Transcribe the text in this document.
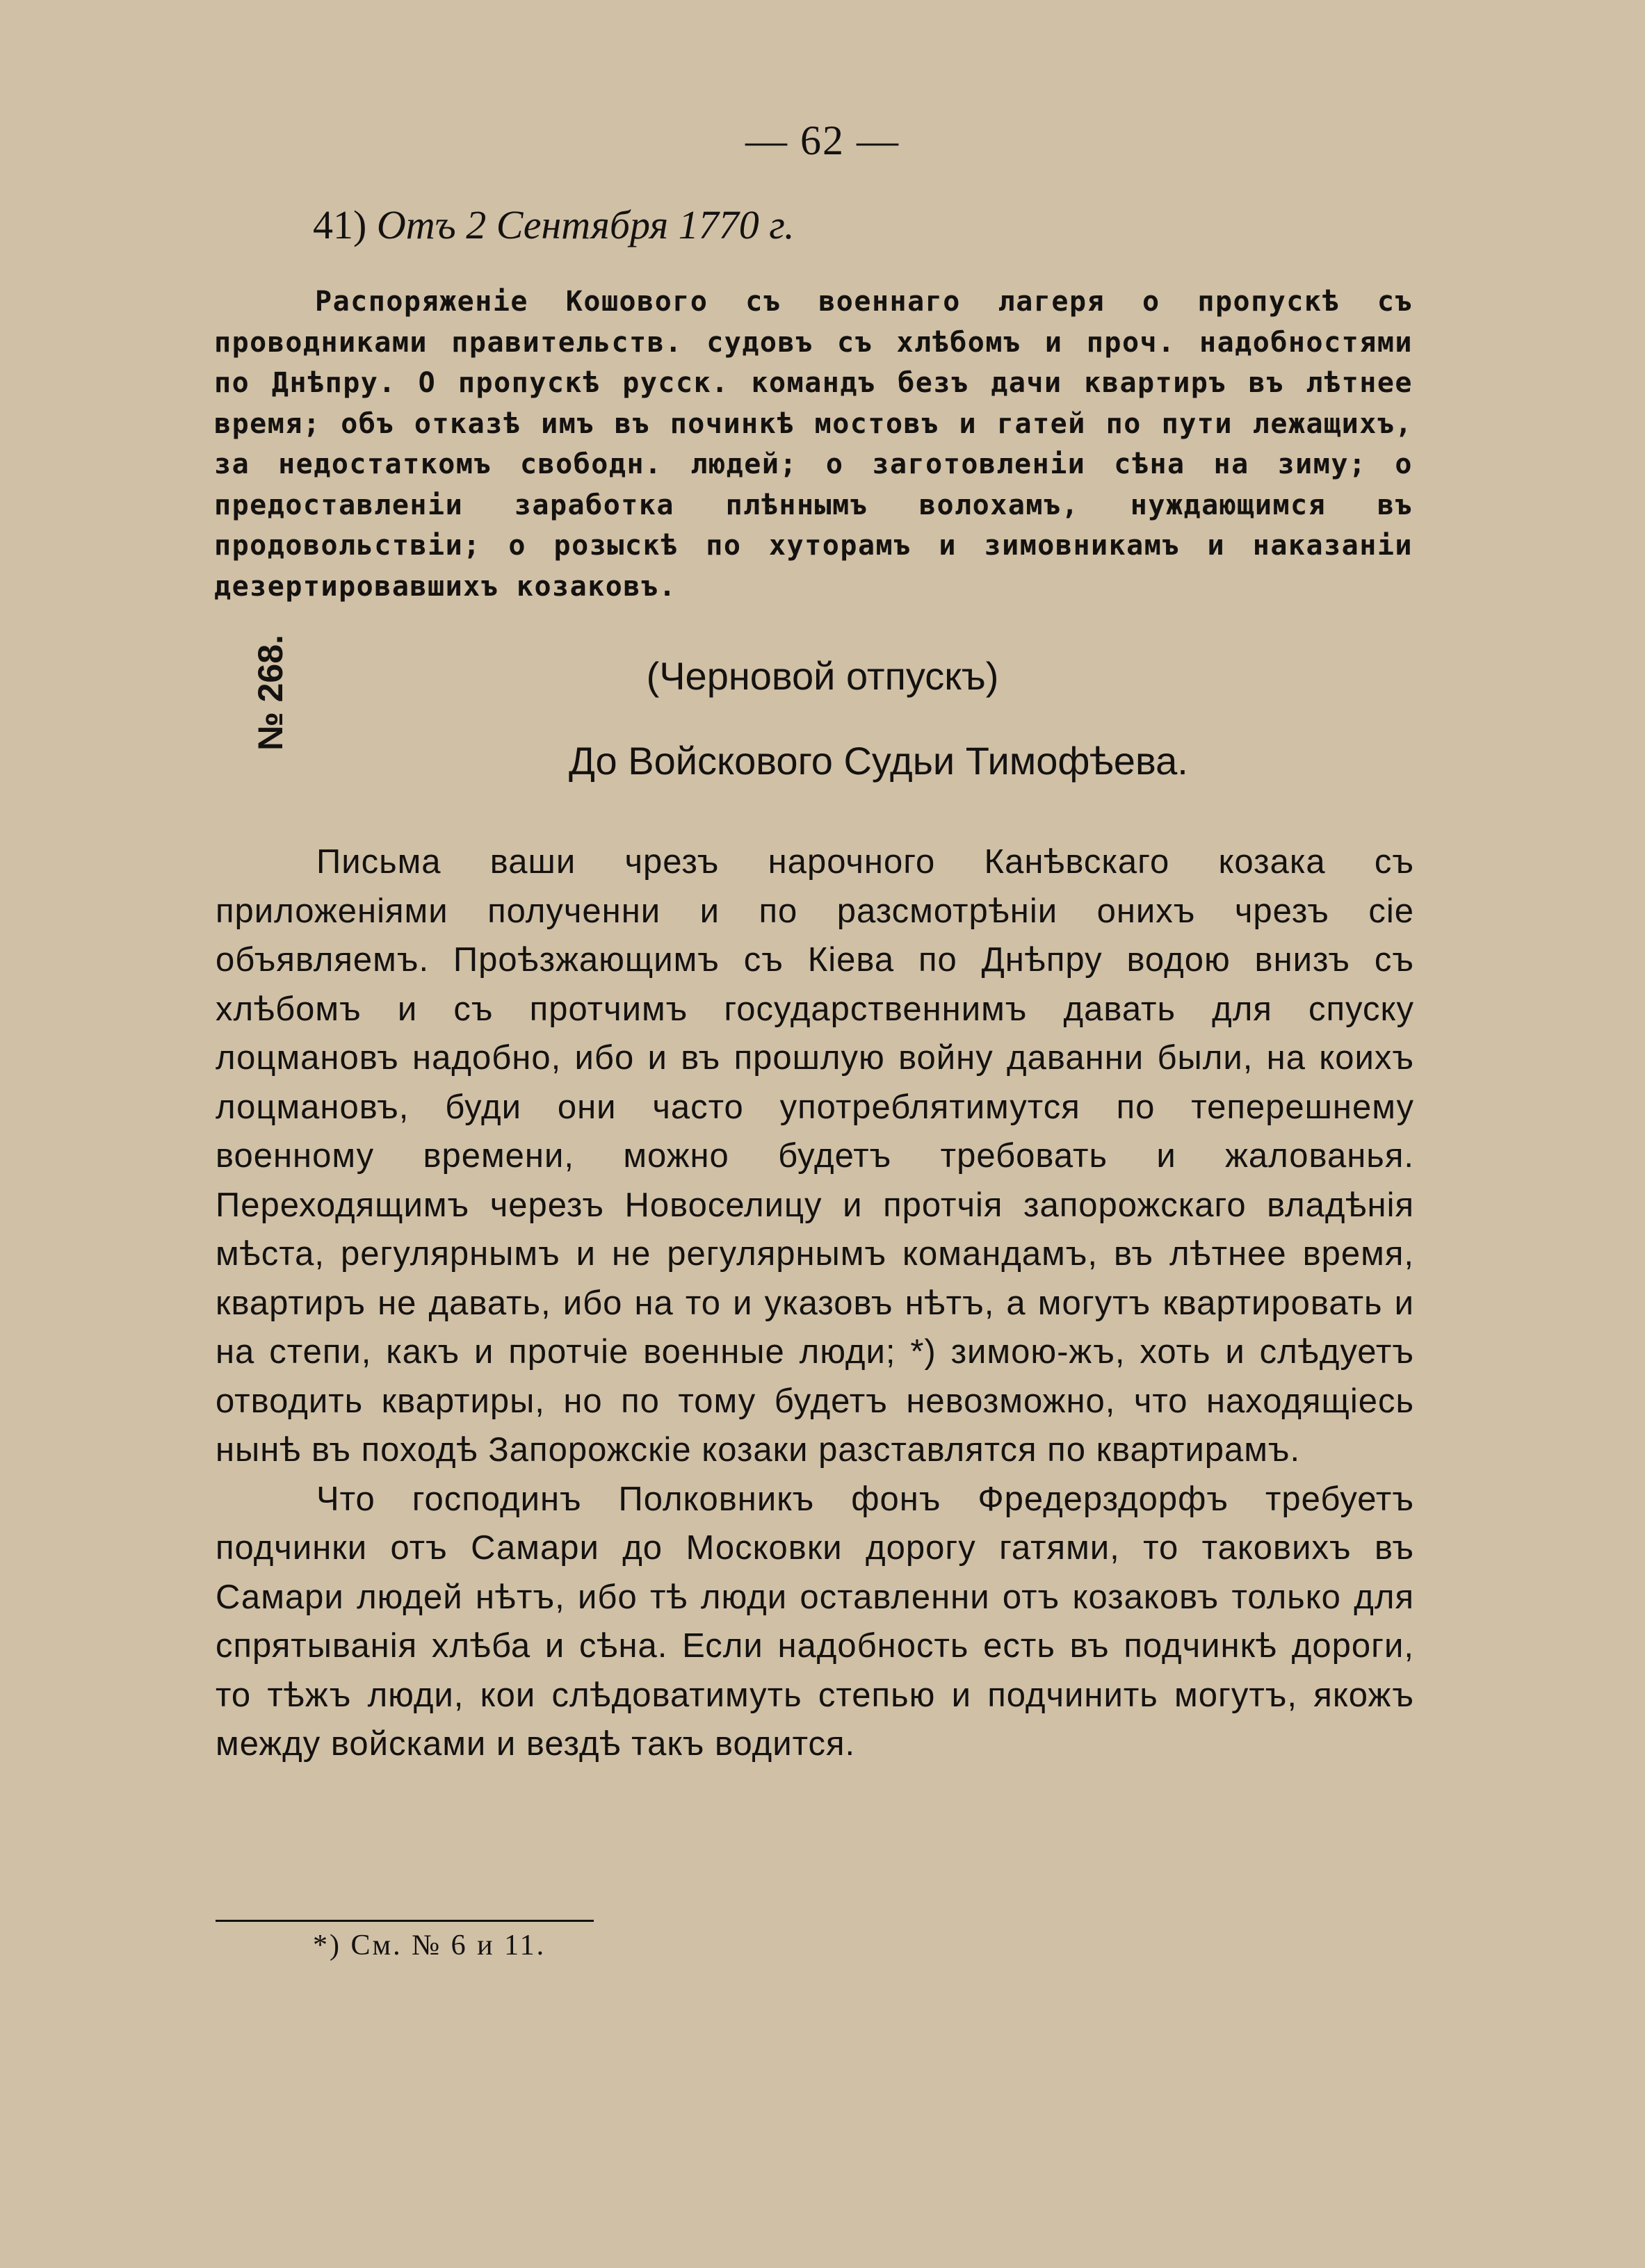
— 62 —
41) Отъ 2 Сентября 1770 г.
Распоряженіе Кошового съ военнаго лагеря о пропускѣ съ проводниками правительств. судовъ съ хлѣбомъ и проч. надобностями по Днѣпру. О пропускѣ русск. командъ безъ дачи квартиръ въ лѣтнее время; объ отказѣ имъ въ починкѣ мостовъ и гатей по пути лежащихъ, за недостаткомъ свободн. людей; о заготовленіи сѣна на зиму; о предоставленіи заработка плѣннымъ волохамъ, нуждающимся въ продовольствіи; о розыскѣ по хуторамъ и зимовникамъ и наказаніи дезертировавшихъ козаковъ.
(Черновой отпускъ)
№ 268.
До Войскового Судьи Тимофѣева.

Письма ваши чрезъ нарочного Канѣвскаго козака съ приложеніями полученни и по разсмотрѣніи онихъ чрезъ сіе объявляемъ. Проѣзжающимъ съ Кіева по Днѣпру водою внизъ съ хлѣбомъ и съ протчимъ государственнимъ давать для спуску лоцмановъ надобно, ибо и въ прошлую войну даванни были, на коихъ лоцмановъ, буди они часто употреблятимутся по теперешнему военному времени, можно будетъ требовать и жалованья. Переходящимъ черезъ Новоселицу и протчія запорожскаго владѣнія мѣста, регулярнымъ и не регулярнымъ командамъ, въ лѣтнее время, квартиръ не давать, ибо на то и указовъ нѣтъ, а могутъ квартировать и на степи, какъ и протчіе военные люди; *) зимою-жъ, хоть и слѣдуетъ отводить квартиры, но по тому будетъ невозможно, что находящіесь нынѣ въ походѣ Запорожскіе козаки разставлятся по квартирамъ.

Что господинъ Полковникъ фонъ Фредерздорфъ требуетъ подчинки отъ Самари до Московки дорогу гатями, то таковихъ въ Самари людей нѣтъ, ибо тѣ люди оставленни отъ козаковъ только для спрятыванія хлѣба и сѣна. Если надобность есть въ подчинкѣ дороги, то тѣжъ люди, кои слѣдоватимуть степью и подчинить могутъ, якожъ между войсками и вездѣ такъ водится.

*) См. № 6 и 11.
